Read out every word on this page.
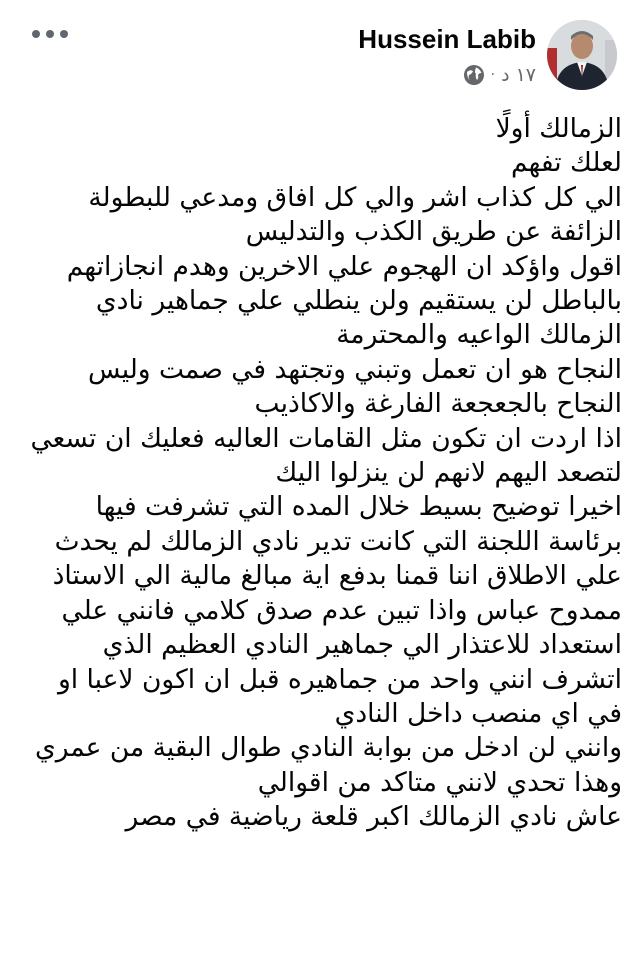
Hussein Labib
١٧ د
·

الزمالك أولًا

لعلك تفهم

الي كل كذاب اشر والي كل افاق ومدعي للبطولة الزائفة عن طريق الكذب والتدليس

اقول واؤكد ان الهجوم علي الاخرين وهدم انجازاتهم بالباطل لن يستقيم ولن ينطلي علي جماهير نادي الزمالك الواعيه والمحترمة

النجاح هو ان تعمل وتبني وتجتهد في صمت وليس النجاح بالجعجعة الفارغة والاكاذيب

اذا اردت ان تكون مثل القامات العاليه فعليك ان تسعي لتصعد اليهم لانهم لن ينزلوا اليك

اخيرا توضيح بسيط خلال المده التي تشرفت فيها برئاسة اللجنة التي كانت تدير نادي الزمالك لم يحدث علي الاطلاق اننا قمنا بدفع اية مبالغ مالية الي الاستاذ ممدوح عباس واذا تبين عدم صدق كلامي فانني علي استعداد للاعتذار الي جماهير النادي العظيم الذي اتشرف انني واحد من جماهيره قبل ان اكون لاعبا او في اي منصب داخل النادي

وانني لن ادخل من بوابة النادي طوال البقية من عمري وهذا تحدي لانني متاكد من اقوالي

عاش نادي الزمالك اكبر قلعة رياضية في مصر
